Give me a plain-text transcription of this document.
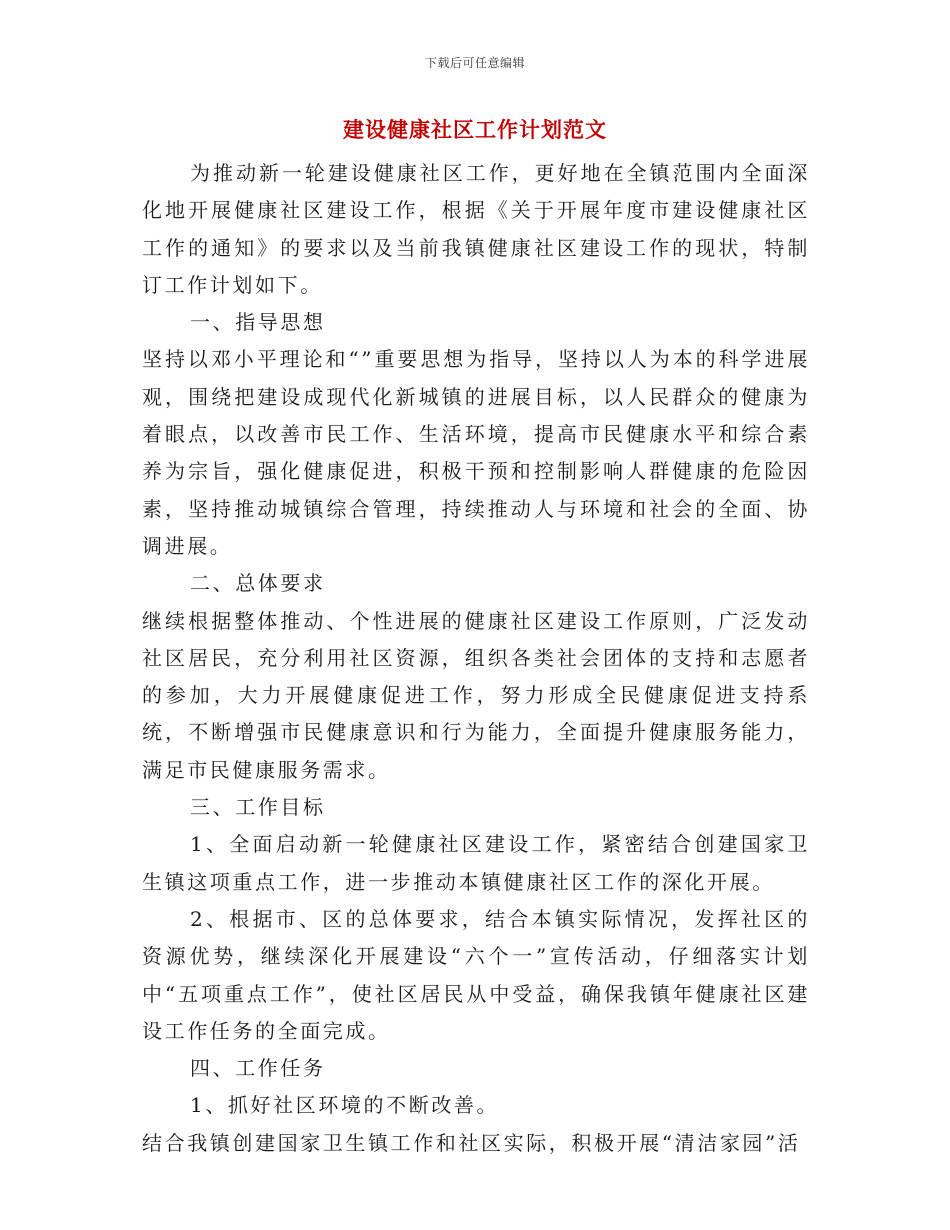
下载后可任意编辑
建设健康社区工作计划范文

为推动新一轮建设健康社区工作，更好地在全镇范围内全面深化地开展健康社区建设工作，根据《关于开展年度市建设健康社区工作的通知》的要求以及当前我镇健康社区建设工作的现状，特制订工作计划如下。

一、指导思想

坚持以邓小平理论和“”重要思想为指导，坚持以人为本的科学进展观，围绕把建设成现代化新城镇的进展目标，以人民群众的健康为着眼点，以改善市民工作、生活环境，提高市民健康水平和综合素养为宗旨，强化健康促进，积极干预和控制影响人群健康的危险因素，坚持推动城镇综合管理，持续推动人与环境和社会的全面、协调进展。

二、总体要求

继续根据整体推动、个性进展的健康社区建设工作原则，广泛发动社区居民，充分利用社区资源，组织各类社会团体的支持和志愿者的参加，大力开展健康促进工作，努力形成全民健康促进支持系统，不断增强市民健康意识和行为能力，全面提升健康服务能力，满足市民健康服务需求。

三、工作目标

1、全面启动新一轮健康社区建设工作，紧密结合创建国家卫生镇这项重点工作，进一步推动本镇健康社区工作的深化开展。

2、根据市、区的总体要求，结合本镇实际情况，发挥社区的资源优势，继续深化开展建设“六个一”宣传活动，仔细落实计划中“五项重点工作”，使社区居民从中受益，确保我镇年健康社区建设工作任务的全面完成。

四、工作任务

1、抓好社区环境的不断改善。

结合我镇创建国家卫生镇工作和社区实际，积极开展“清洁家园”活
